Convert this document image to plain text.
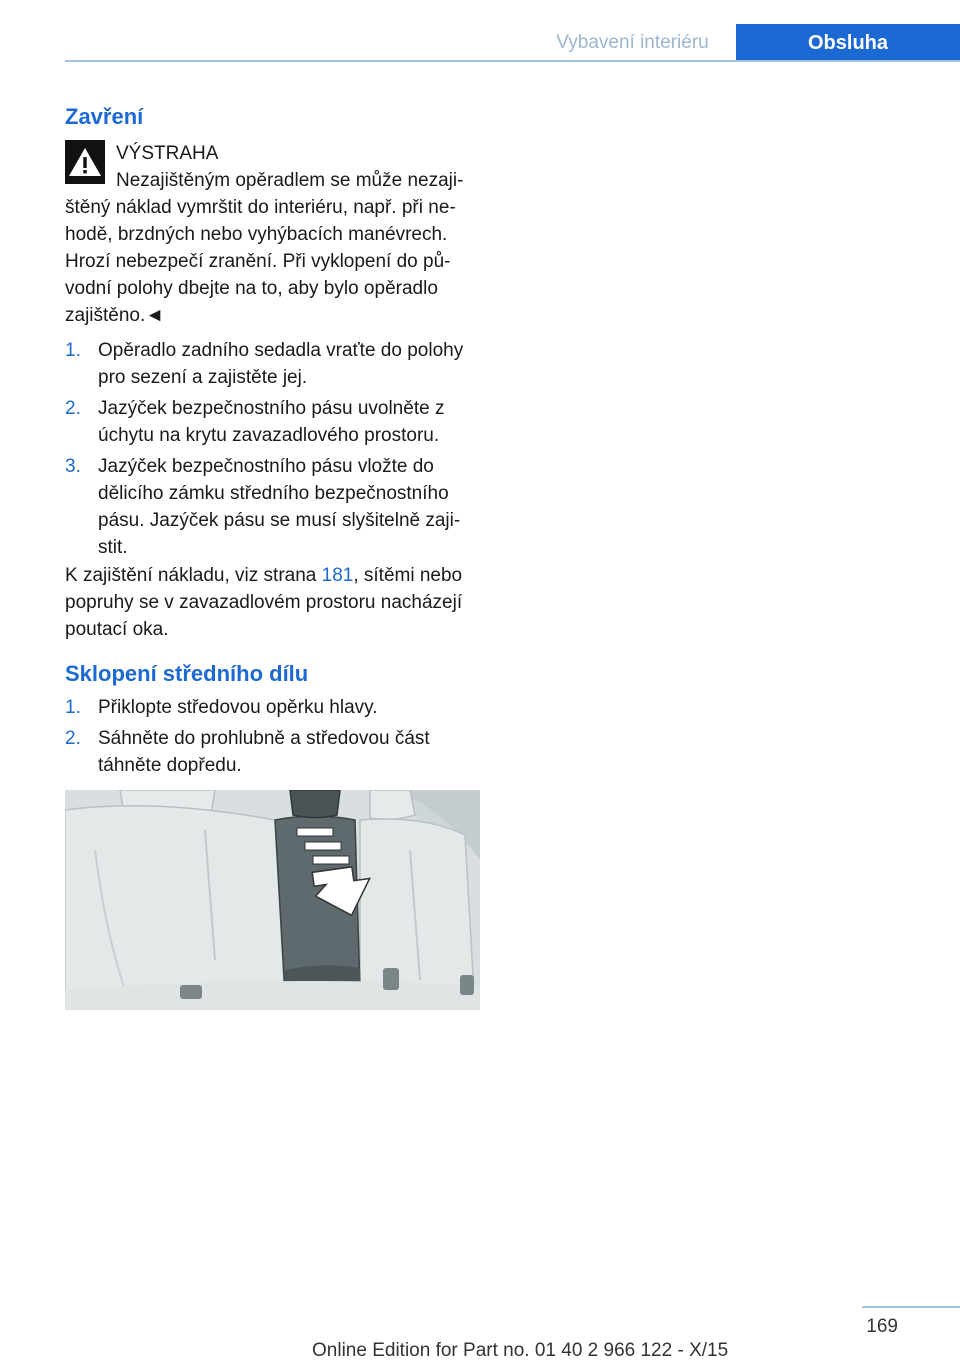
Vybavení interiéru	Obsluha
Zavření
VÝSTRAHA
Nezajištěným opěradlem se může nezaji‐
štěný náklad vymrštit do interiéru, např. při ne‐
hodě, brzdných nebo vyhýbacích manévrech.
Hrozí nebezpečí zranění. Při vyklopení do pů‐
vodní polohy dbejte na to, aby bylo opěradlo
zajištěno.◄
1. Opěradlo zadního sedadla vraťte do polohy
pro sezení a zajistěte jej.
2. Jazýček bezpečnostního pásu uvolněte z
úchytu na krytu zavazadlového prostoru.
3. Jazýček bezpečnostního pásu vložte do
dělicího zámku středního bezpečnostního
pásu. Jazýček pásu se musí slyšitelně zaji‐
stit.
K zajištění nákladu, viz strana 181, sítěmi nebo
popruhy se v zavazadlovém prostoru nacházejí
poutací oka.
Sklopení středního dílu
1. Přiklopte středovou opěrku hlavy.
2. Sáhněte do prohlubně a středovou část
táhněte dopředu.
169
Online Edition for Part no. 01 40 2 966 122 - X/15
